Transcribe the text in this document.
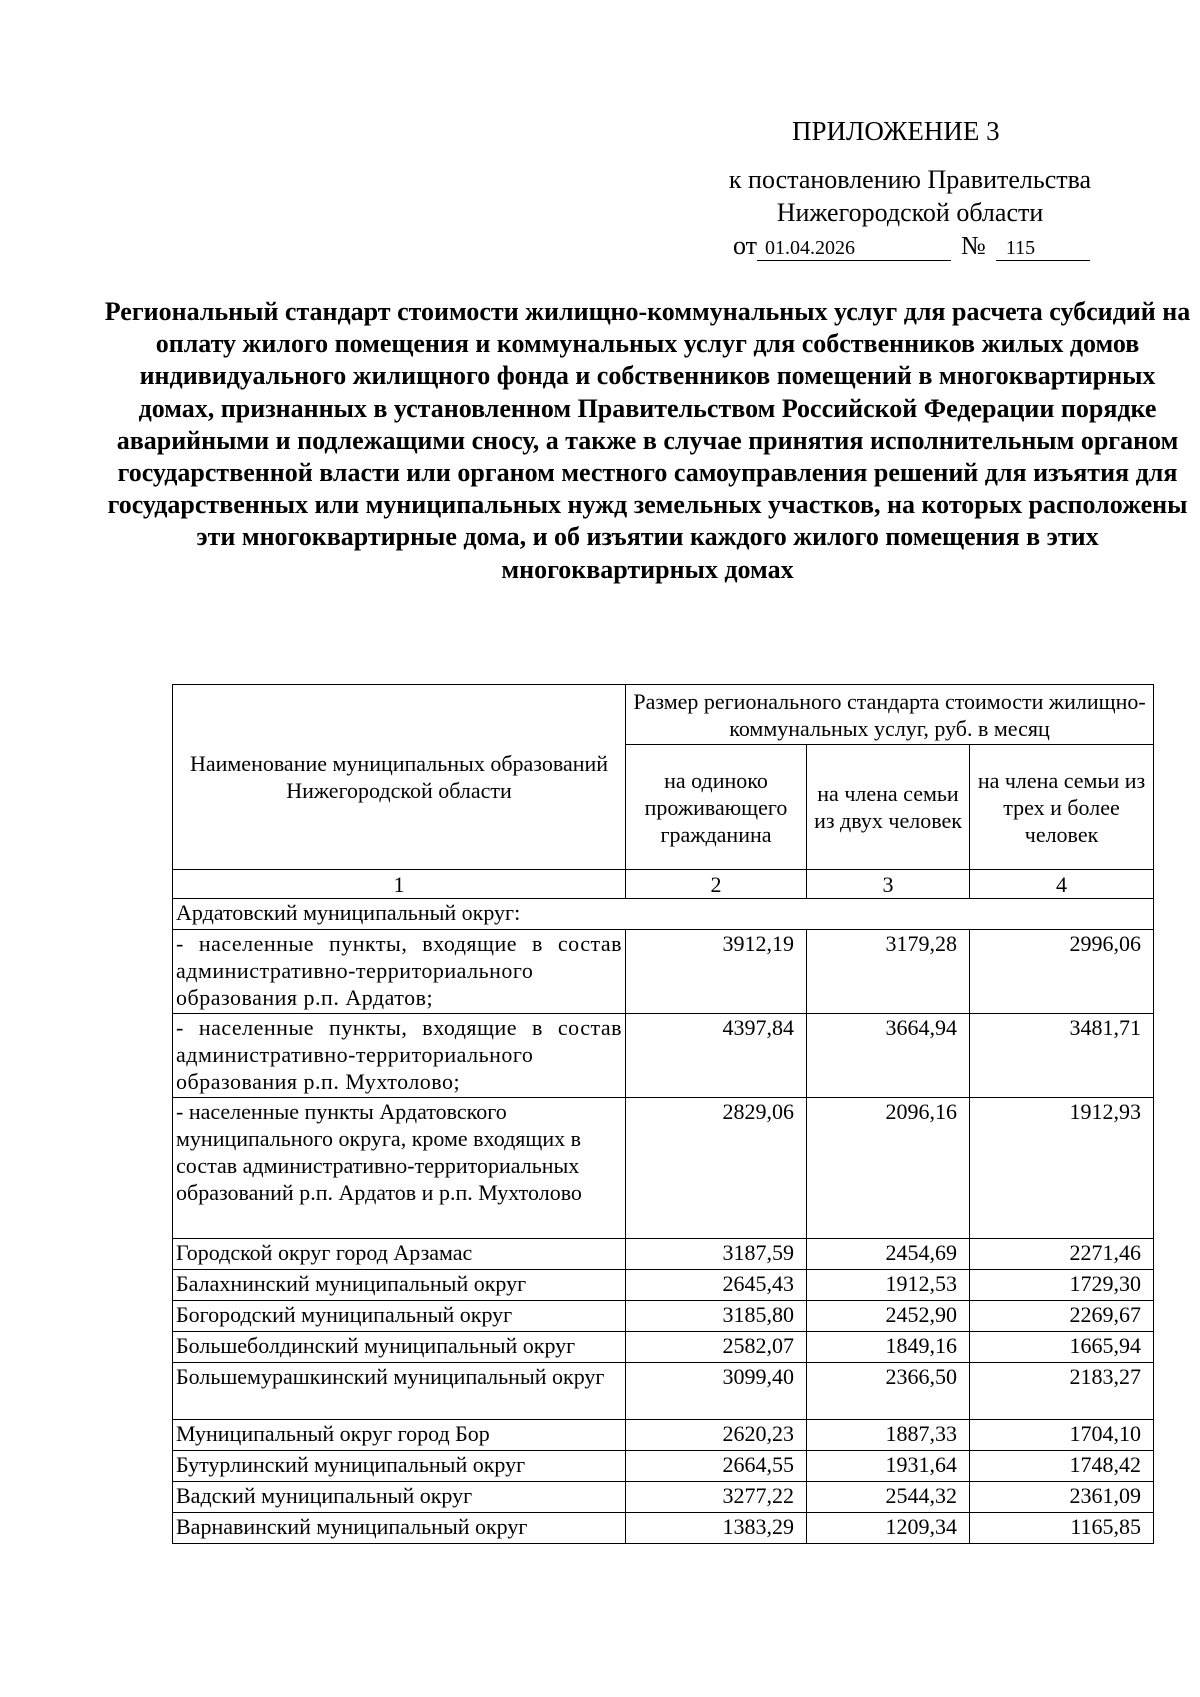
ПРИЛОЖЕНИЕ 3
к постановлению Правительства
Нижегородской области
от 01.04.2026	№ 115
Региональный стандарт стоимости жилищно-коммунальных услуг для расчета субсидий на оплату жилого помещения и коммунальных услуг для собственников жилых домов индивидуального жилищного фонда и собственников помещений в многоквартирных домах, признанных в установленном Правительством Российской Федерации порядке аварийными и подлежащими сносу, а также в случае принятия исполнительным органом государственной власти или органом местного самоуправления решений для изъятия для государственных или муниципальных нужд земельных участков, на которых расположены эти многоквартирные дома, и об изъятии каждого жилого помещения в этих многоквартирных домах
Наименование муниципальных образований Нижегородской области	Размер регионального стандарта стоимости жилищно-коммунальных услуг, руб. в месяц		
	на одиноко проживающего гражданина	на члена семьи из двух человек	на члена семьи из трех и более человек
1	2	3	4
Ардатовский муниципальный округ:			
- населенные пункты, входящие в состав административно-территориального образования р.п. Ардатов;	3912,19	3179,28	2996,06
- населенные пункты, входящие в состав административно-территориального образования р.п. Мухтолово;	4397,84	3664,94	3481,71
- населенные пункты Ардатовского муниципального округа, кроме входящих в состав административно-территориальных образований р.п. Ардатов и р.п. Мухтолово	2829,06	2096,16	1912,93
Городской округ город Арзамас	3187,59	2454,69	2271,46
Балахнинский муниципальный округ	2645,43	1912,53	1729,30
Богородский муниципальный округ	3185,80	2452,90	2269,67
Большеболдинский муниципальный округ	2582,07	1849,16	1665,94
Большемурашкинский муниципальный округ	3099,40	2366,50	2183,27
Муниципальный округ город Бор	2620,23	1887,33	1704,10
Бутурлинский муниципальный округ	2664,55	1931,64	1748,42
Вадский муниципальный округ	3277,22	2544,32	2361,09
Варнавинский муниципальный округ	1383,29	1209,34	1165,85
